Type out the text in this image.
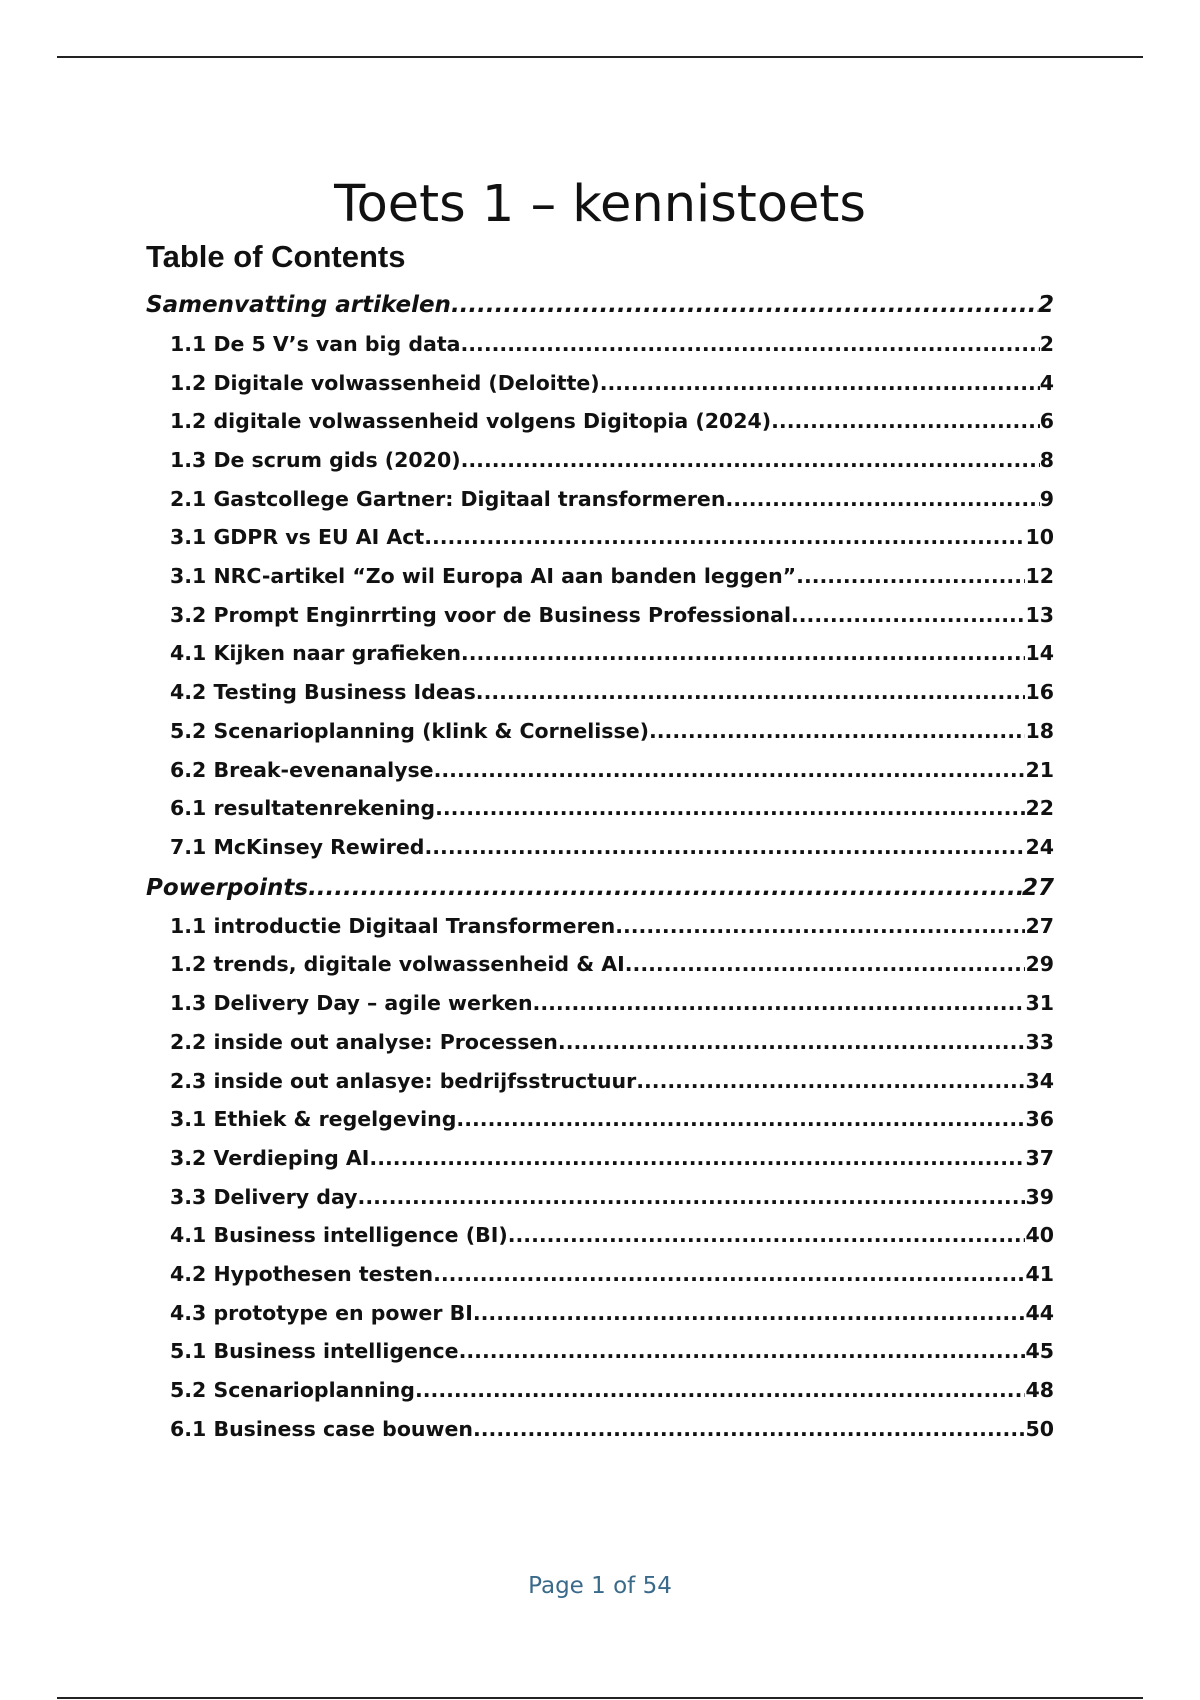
Toets 1 – kennistoets
Table of Contents
Samenvatting artikelen .....	2
1.1 De 5 V’s van big data .....	2
1.2 Digitale volwassenheid (Deloitte) .....	4
1.2 digitale volwassenheid volgens Digitopia (2024) .....	6
1.3 De scrum gids (2020) .....	8
2.1 Gastcollege Gartner: Digitaal transformeren .....	9
3.1 GDPR vs EU AI Act .....	10
3.1 NRC-artikel “Zo wil Europa AI aan banden leggen” .....	12
3.2 Prompt Enginrrting voor de Business Professional .....	13
4.1 Kijken naar grafieken .....	14
4.2 Testing Business Ideas .....	16
5.2 Scenarioplanning (klink & Cornelisse) .....	18
6.2 Break-evenanalyse .....	21
6.1 resultatenrekening .....	22
7.1 McKinsey Rewired .....	24
Powerpoints .....	27
1.1 introductie Digitaal Transformeren .....	27
1.2 trends, digitale volwassenheid & AI .....	29
1.3 Delivery Day – agile werken .....	31
2.2 inside out analyse: Processen .....	33
2.3 inside out anlasye: bedrijfsstructuur .....	34
3.1 Ethiek & regelgeving .....	36
3.2 Verdieping AI .....	37
3.3 Delivery day .....	39
4.1 Business intelligence (BI) .....	40
4.2 Hypothesen testen .....	41
4.3 prototype en power BI .....	44
5.1 Business intelligence .....	45
5.2 Scenarioplanning .....	48
6.1 Business case bouwen .....	50
Page 1 of 54
